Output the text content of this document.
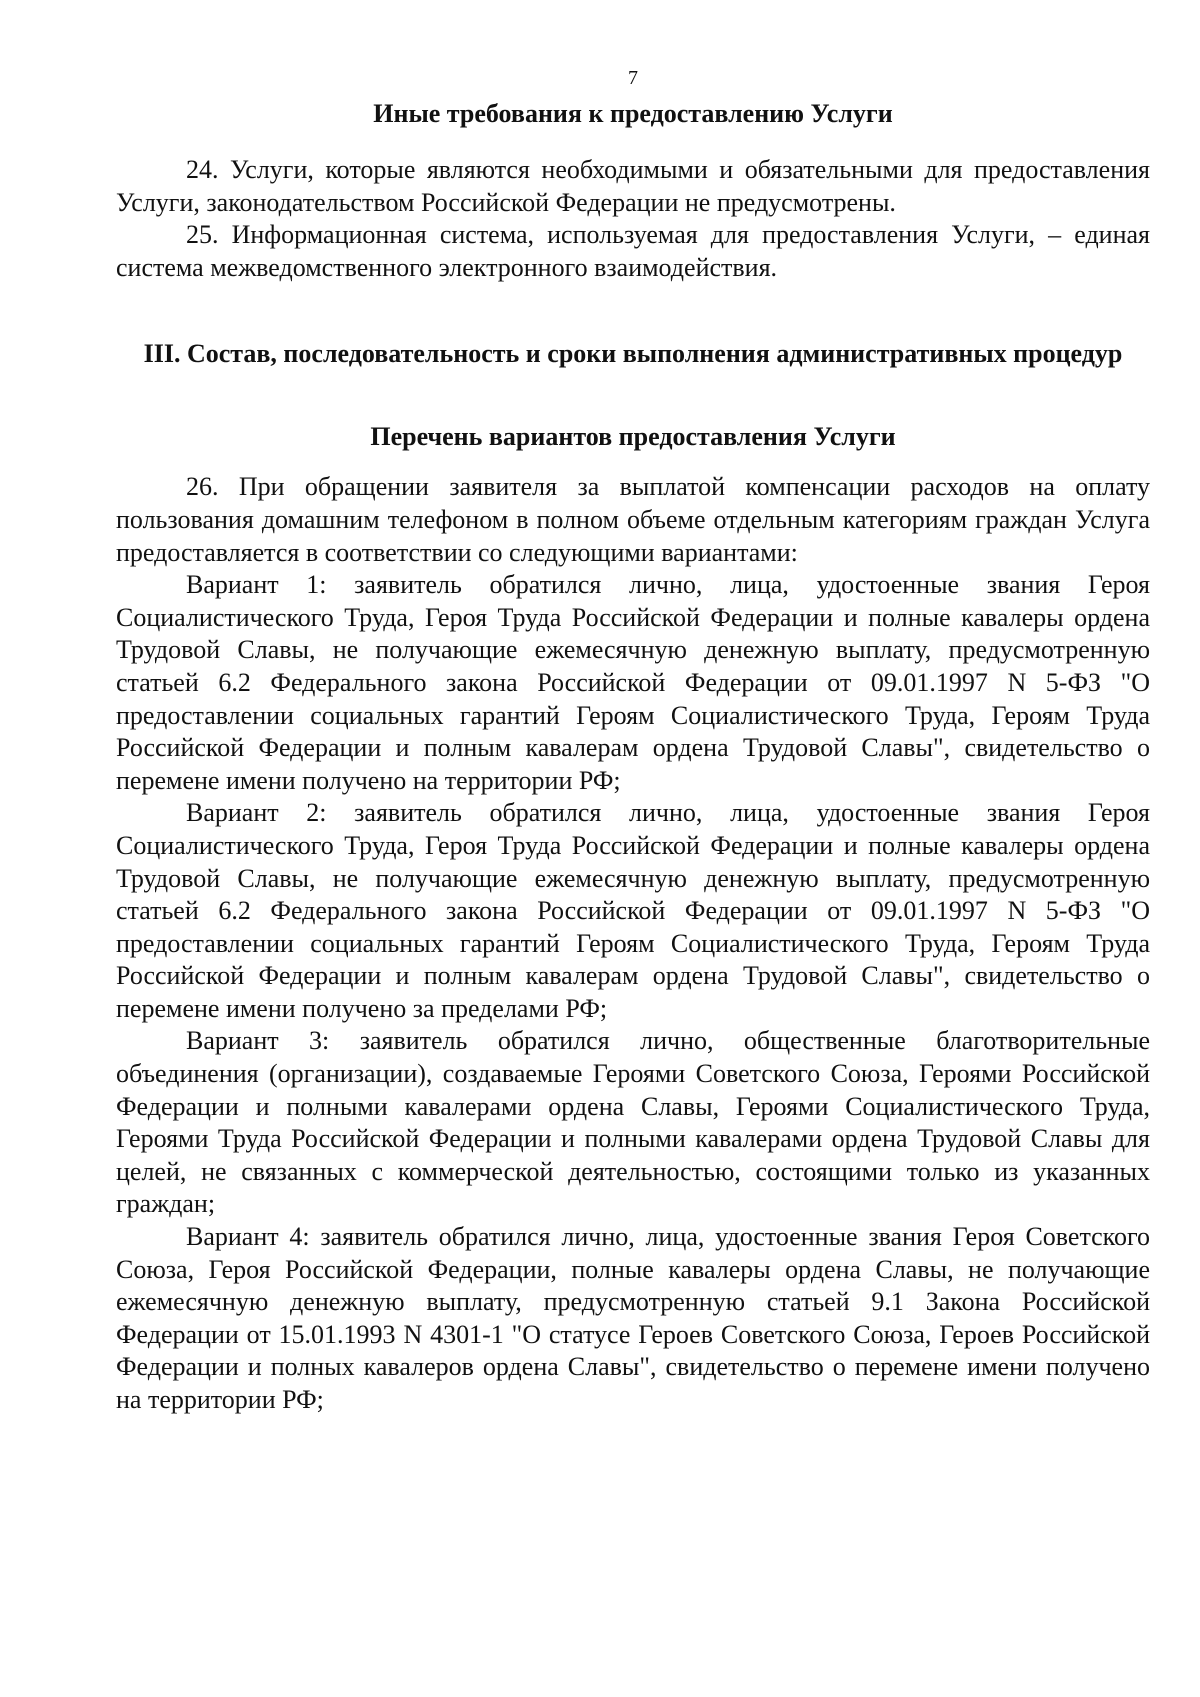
7
Иные требования к предоставлению Услуги

24. Услуги, которые являются необходимыми и обязательными для предоставления Услуги, законодательством Российской Федерации не предусмотрены.

25. Информационная система, используемая для предоставления Услуги, – единая система межведомственного электронного взаимодействия.

III. Состав, последовательность и сроки выполнения административных процедур
Перечень вариантов предоставления Услуги

26. При обращении заявителя за выплатой компенсации расходов на оплату пользования домашним телефоном в полном объеме отдельным категориям граждан Услуга предоставляется в соответствии со следующими вариантами:

Вариант 1: заявитель обратился лично, лица, удостоенные звания Героя Социалистического Труда, Героя Труда Российской Федерации и полные кавалеры ордена Трудовой Славы, не получающие ежемесячную денежную выплату, предусмотренную статьей 6.2 Федерального закона Российской Федерации от 09.01.1997 N 5-ФЗ "О предоставлении социальных гарантий Героям Социалистического Труда, Героям Труда Российской Федерации и полным кавалерам ордена Трудовой Славы", свидетельство о перемене имени получено на территории РФ;

Вариант 2: заявитель обратился лично, лица, удостоенные звания Героя Социалистического Труда, Героя Труда Российской Федерации и полные кавалеры ордена Трудовой Славы, не получающие ежемесячную денежную выплату, предусмотренную статьей 6.2 Федерального закона Российской Федерации от 09.01.1997 N 5-ФЗ "О предоставлении социальных гарантий Героям Социалистического Труда, Героям Труда Российской Федерации и полным кавалерам ордена Трудовой Славы", свидетельство о перемене имени получено за пределами РФ;

Вариант 3: заявитель обратился лично, общественные благотворительные объединения (организации), создаваемые Героями Советского Союза, Героями Российской Федерации и полными кавалерами ордена Славы, Героями Социалистического Труда, Героями Труда Российской Федерации и полными кавалерами ордена Трудовой Славы для целей, не связанных с коммерческой деятельностью, состоящими только из указанных граждан;

Вариант 4: заявитель обратился лично, лица, удостоенные звания Героя Советского Союза, Героя Российской Федерации, полные кавалеры ордена Славы, не получающие ежемесячную денежную выплату, предусмотренную статьей 9.1 Закона Российской Федерации от 15.01.1993 N 4301-1 "О статусе Героев Советского Союза, Героев Российской Федерации и полных кавалеров ордена Славы", свидетельство о перемене имени получено на территории РФ;
